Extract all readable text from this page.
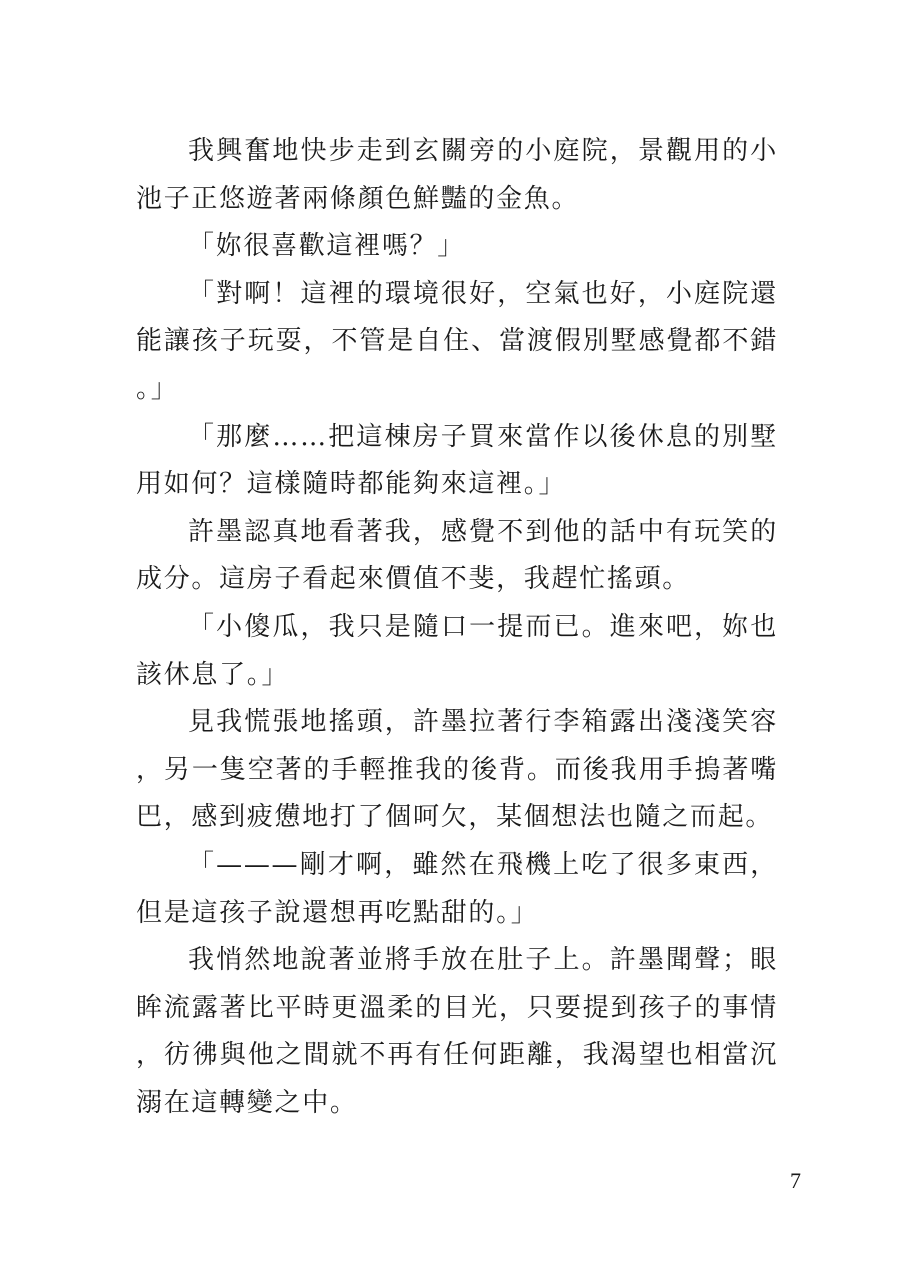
我興奮地快步走到玄關旁的小庭院，景觀用的小池子正悠遊著兩條顏色鮮豔的金魚。

「妳很喜歡這裡嗎？」

「對啊！這裡的環境很好，空氣也好，小庭院還能讓孩子玩耍，不管是自住、當渡假別墅感覺都不錯。」

「那麼……把這棟房子買來當作以後休息的別墅用如何？這樣隨時都能夠來這裡。」

許墨認真地看著我，感覺不到他的話中有玩笑的成分。這房子看起來價值不斐，我趕忙搖頭。

「小傻瓜，我只是隨口一提而已。進來吧，妳也該休息了。」

見我慌張地搖頭，許墨拉著行李箱露出淺淺笑容，另一隻空著的手輕推我的後背。而後我用手摀著嘴巴，感到疲憊地打了個呵欠，某個想法也隨之而起。

「———剛才啊，雖然在飛機上吃了很多東西，但是這孩子說還想再吃點甜的。」

我悄然地說著並將手放在肚子上。許墨聞聲；眼眸流露著比平時更溫柔的目光，只要提到孩子的事情，彷彿與他之間就不再有任何距離，我渴望也相當沉溺在這轉變之中。

7
